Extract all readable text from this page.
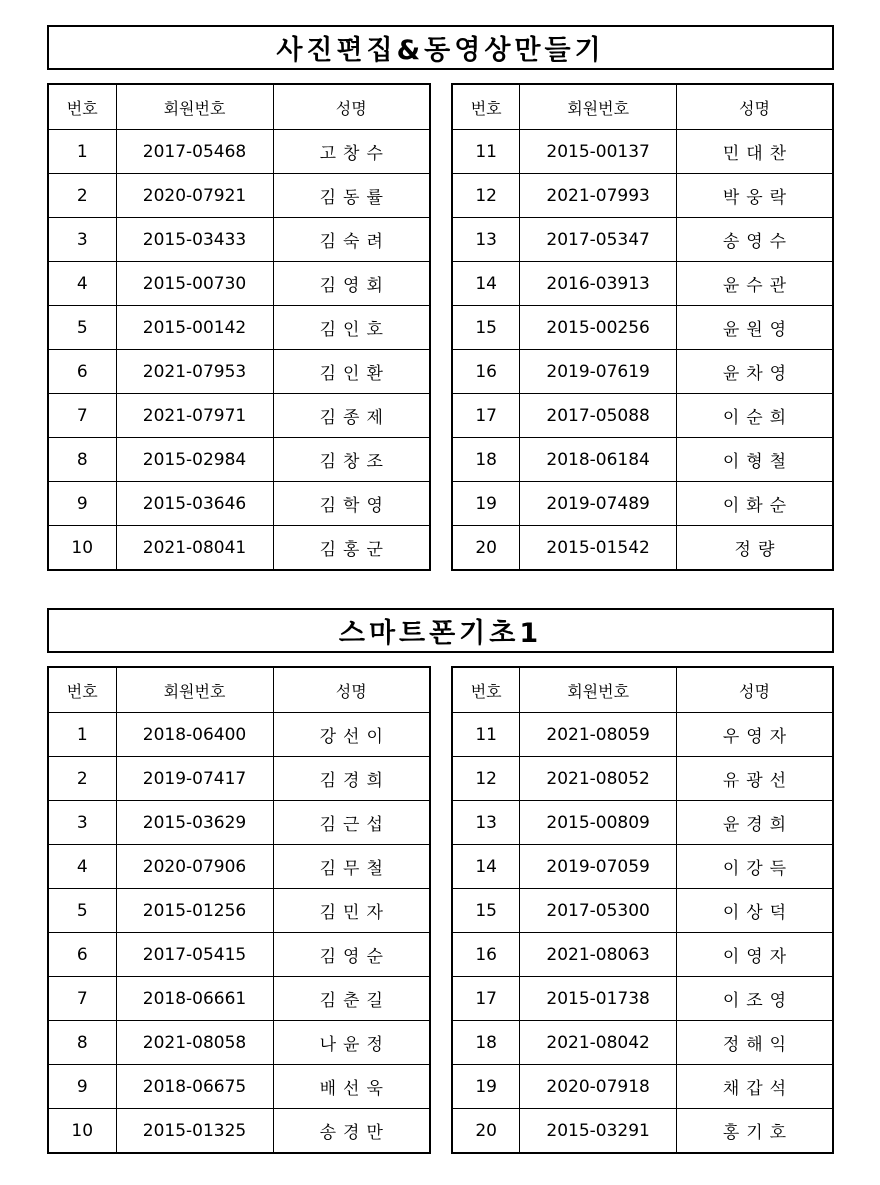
사진편집&동영상만들기
번호	회원번호	성명
1	2017-05468	고창수
2	2020-07921	김동률
3	2015-03433	김숙려
4	2015-00730	김영회
5	2015-00142	김인호
6	2021-07953	김인환
7	2021-07971	김종제
8	2015-02984	김창조
9	2015-03646	김학영
10	2021-08041	김홍군
번호	회원번호	성명
11	2015-00137	민대찬
12	2021-07993	박웅락
13	2017-05347	송영수
14	2016-03913	윤수관
15	2015-00256	윤원영
16	2019-07619	윤차영
17	2017-05088	이순희
18	2018-06184	이형철
19	2019-07489	이화순
20	2015-01542	정량
스마트폰기초1
번호	회원번호	성명
1	2018-06400	강선이
2	2019-07417	김경희
3	2015-03629	김근섭
4	2020-07906	김무철
5	2015-01256	김민자
6	2017-05415	김영순
7	2018-06661	김춘길
8	2021-08058	나윤정
9	2018-06675	배선욱
10	2015-01325	송경만
번호	회원번호	성명
11	2021-08059	우영자
12	2021-08052	유광선
13	2015-00809	윤경희
14	2019-07059	이강득
15	2017-05300	이상덕
16	2021-08063	이영자
17	2015-01738	이조영
18	2021-08042	정해익
19	2020-07918	채갑석
20	2015-03291	홍기호
